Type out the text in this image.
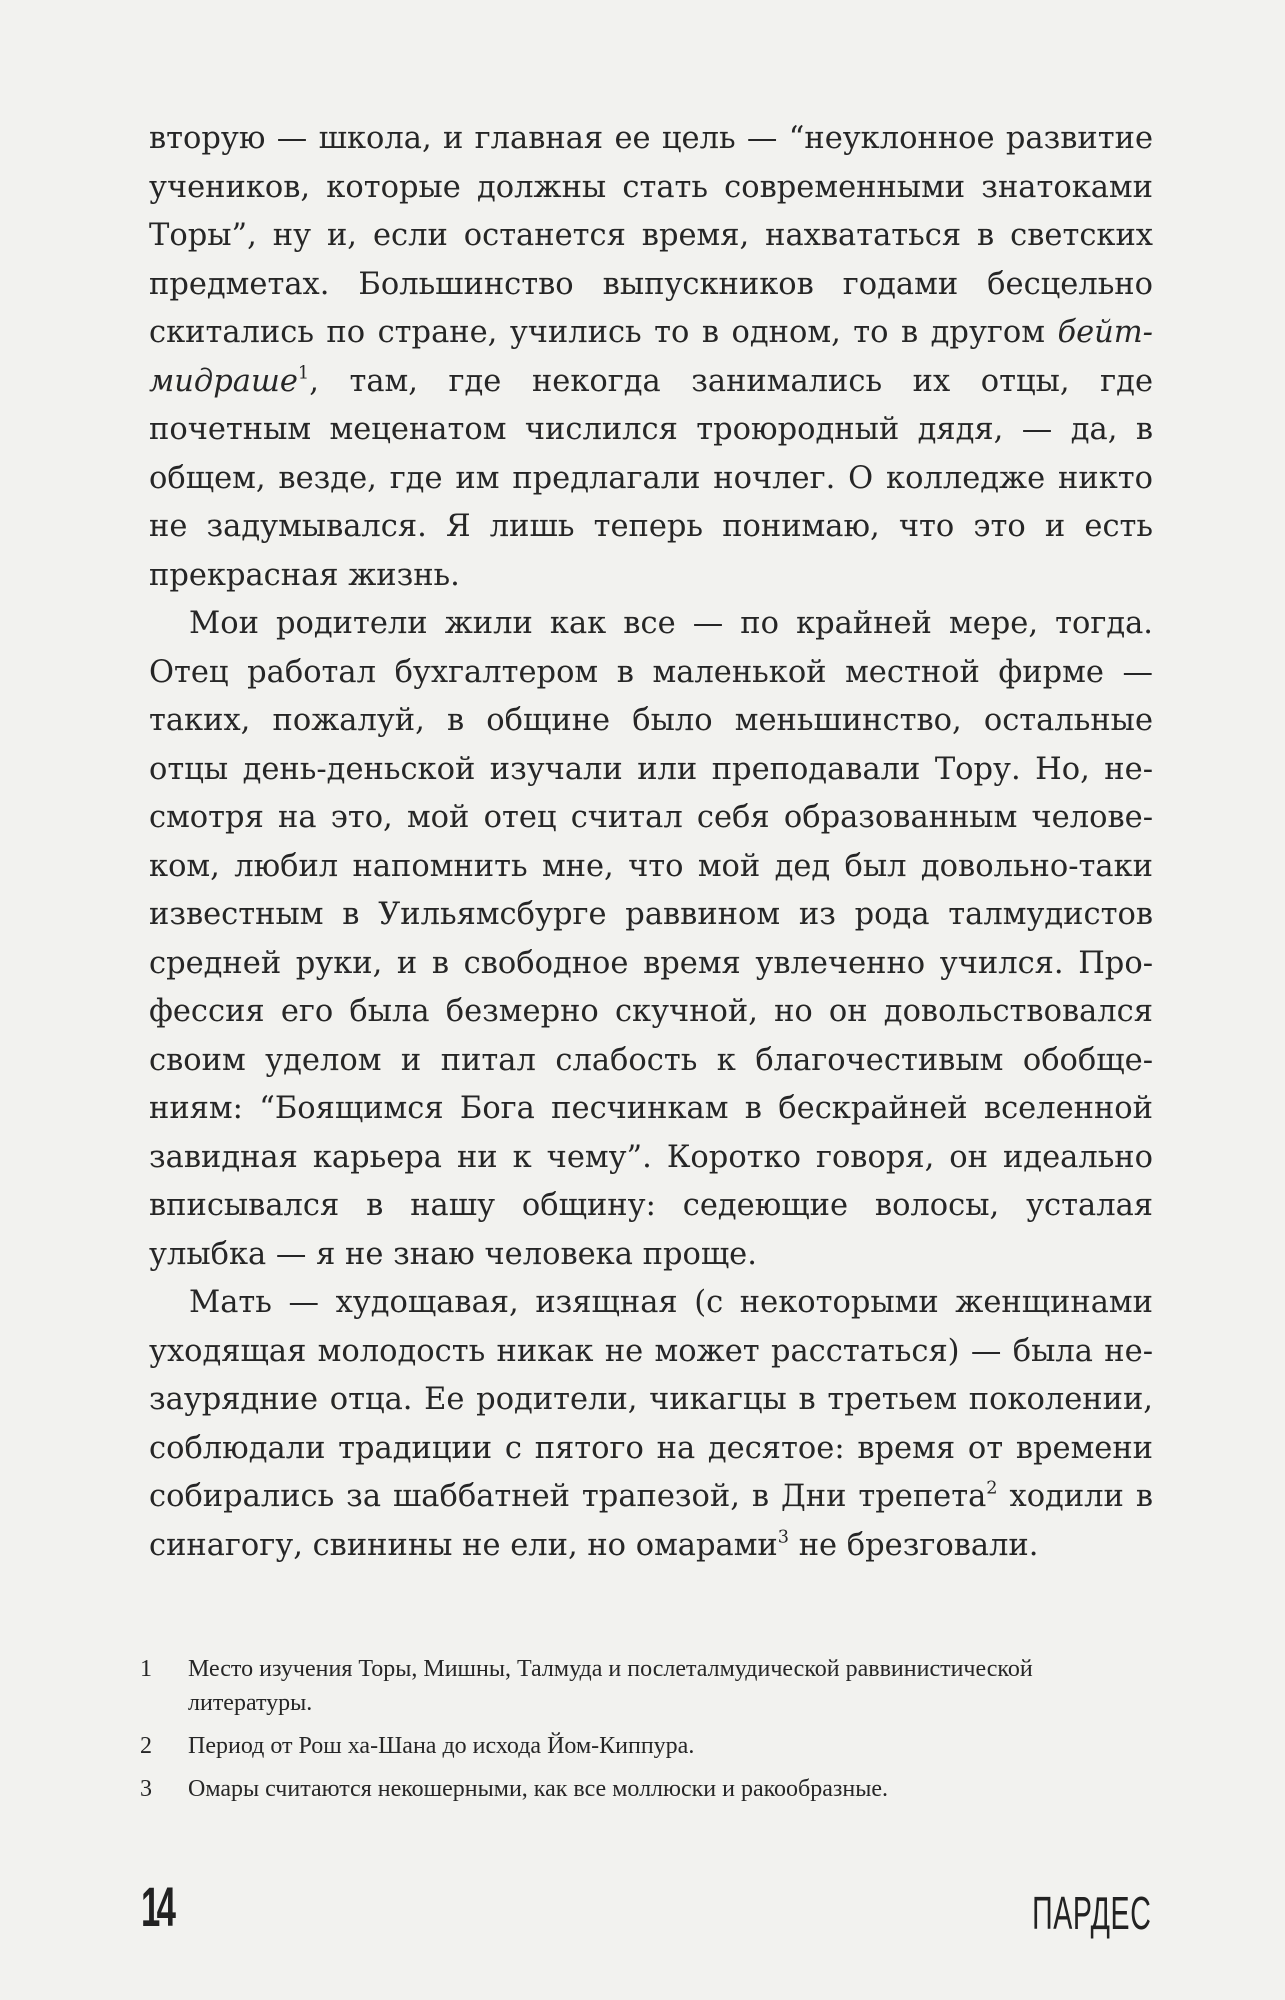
вторую — школа, и главная ее цель — “неуклонное развитие учеников, которые должны стать современными знатоками Торы”, ну и, если останется время, нахвататься в светских предметах. Большинство выпускников годами бесцельно скитались по стране, учились то в одном, то в другом бейт-мидраше$^1$, там, где некогда занимались их отцы, где почетным меценатом числился троюродный дядя, — да, в общем, везде, где им предлагали ночлег. О колледже никто не задумывался. Я лишь теперь понимаю, что это и есть прекрасная жизнь.

Мои родители жили как все — по крайней мере, тогда. Отец работал бухгалтером в маленькой местной фирме — таких, пожалуй, в общине было меньшинство, остальные отцы день-деньской изучали или преподавали Тору. Но, несмотря на это, мой отец считал себя образованным человеком, любил напомнить мне, что мой дед был довольно-таки известным в Уильямсбурге раввином из рода талмудистов средней руки, и в свободное время увлеченно учился. Профессия его была безмерно скучной, но он довольствовался своим уделом и питал слабость к благочестивым обобщениям: “Боящимся Бога песчинкам в бескрайней вселенной завидная карьера ни к чему”. Коротко говоря, он идеально вписывался в нашу общину: седеющие волосы, усталая улыбка — я не знаю человека проще.

Мать — худощавая, изящная (с некоторыми женщинами уходящая молодость никак не может расстаться) — была незаурядние отца. Ее родители, чикагцы в третьем поколении, соблюдали традиции с пятого на десятое: время от времени собирались за шаббатней трапезой, в Дни трепета$^2$ ходили в синагогу, свинины не ели, но омарами$^3$ не брезговали.

1	Место изучения Торы, Мишны, Талмуда и послеталмудической раввинистической литературы.
2	Период от Рош ха-Шана до исхода Йом-Киппура.
3	Омары считаются некошерными, как все моллюски и ракообразные.
14	ПАРДЕС
